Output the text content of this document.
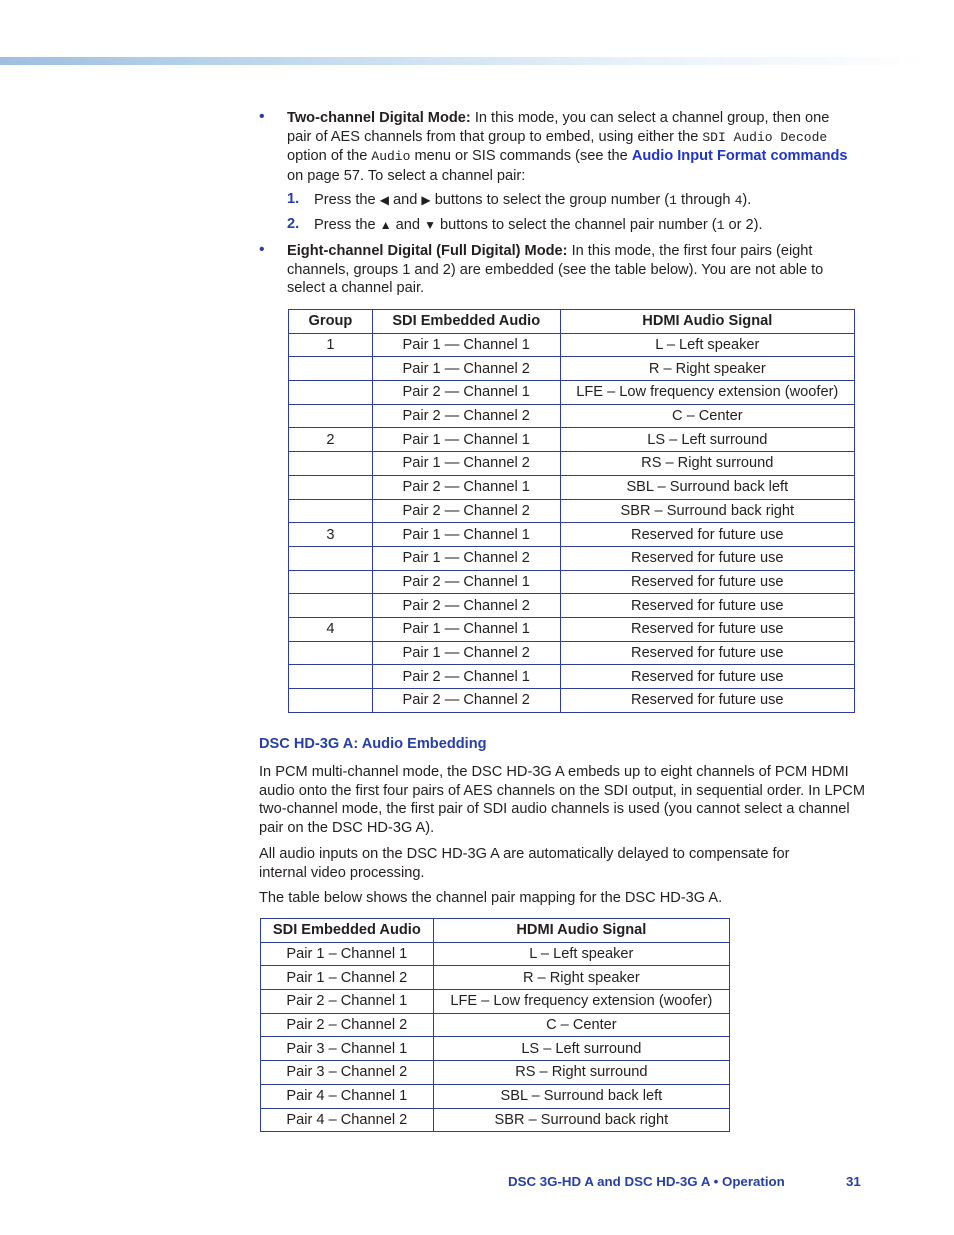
• Two-channel Digital Mode: In this mode, you can select a channel group, then one pair of AES channels from that group to embed, using either the SDI Audio Decode option of the Audio menu or SIS commands (see the Audio Input Format commands on page 57. To select a channel pair:
1. Press the ◀ and ▶ buttons to select the group number (1 through 4).
2. Press the ▲ and ▼ buttons to select the channel pair number (1 or 2).
• Eight-channel Digital (Full Digital) Mode: In this mode, the first four pairs (eight channels, groups 1 and 2) are embedded (see the table below). You are not able to select a channel pair.
Group	SDI Embedded Audio	HDMI Audio Signal
1	Pair 1 — Channel 1	L – Left speaker
	Pair 1 — Channel 2	R – Right speaker
	Pair 2 — Channel 1	LFE – Low frequency extension (woofer)
	Pair 2 — Channel 2	C – Center
2	Pair 1 — Channel 1	LS – Left surround
	Pair 1 — Channel 2	RS – Right surround
	Pair 2 — Channel 1	SBL – Surround back left
	Pair 2 — Channel 2	SBR – Surround back right
3	Pair 1 — Channel 1	Reserved for future use
	Pair 1 — Channel 2	Reserved for future use
	Pair 2 — Channel 1	Reserved for future use
	Pair 2 — Channel 2	Reserved for future use
4	Pair 1 — Channel 1	Reserved for future use
	Pair 1 — Channel 2	Reserved for future use
	Pair 2 — Channel 1	Reserved for future use
	Pair 2 — Channel 2	Reserved for future use
DSC HD-3G A: Audio Embedding
In PCM multi-channel mode, the DSC HD-3G A embeds up to eight channels of PCM HDMI audio onto the first four pairs of AES channels on the SDI output, in sequential order. In LPCM two-channel mode, the first pair of SDI audio channels is used (you cannot select a channel pair on the DSC HD-3G A).
All audio inputs on the DSC HD-3G A are automatically delayed to compensate for internal video processing.
The table below shows the channel pair mapping for the DSC HD-3G A.
SDI Embedded Audio	HDMI Audio Signal
Pair 1 – Channel 1	L – Left speaker
Pair 1 – Channel 2	R – Right speaker
Pair 2 – Channel 1	LFE – Low frequency extension (woofer)
Pair 2 – Channel 2	C – Center
Pair 3 – Channel 1	LS – Left surround
Pair 3 – Channel 2	RS – Right surround
Pair 4 – Channel 1	SBL – Surround back left
Pair 4 – Channel 2	SBR – Surround back right
DSC 3G-HD A and DSC HD-3G A • Operation	31
